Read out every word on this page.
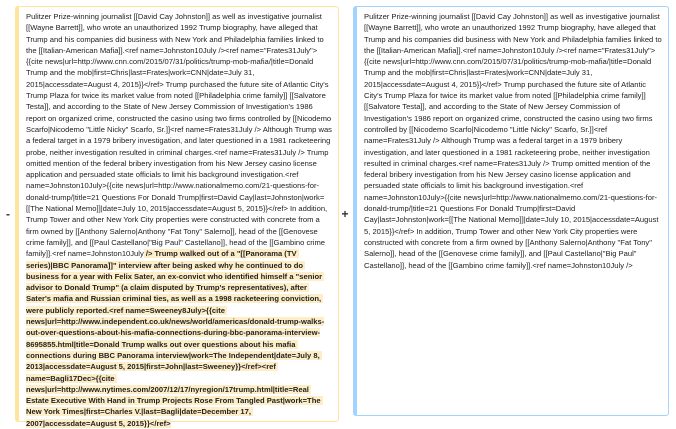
-
Pulitzer Prize-winning journalist [[David Cay Johnston]] as well as investigative journalist [[Wayne Barrett]], who wrote an unauthorized 1992 Trump biography, have alleged that Trump and his companies did business with New York and Philadelphia families linked to the [[Italian-American Mafia]].<ref name=Johnston10July /><ref name="Frates31July">{{cite news|url=http://www.cnn.com/2015/07/31/politics/trump-mob-mafia/|title=Donald Trump and the mob|first=Chris|last=Frates|work=CNN|date=July 31, 2015|accessdate=August 4, 2015}}</ref> Trump purchased the future site of Atlantic City's Trump Plaza for twice its market value from noted [[Philadelphia crime family]] [[Salvatore Testa]], and according to the State of New Jersey Commission of Investigation's 1986 report on organized crime, constructed the casino using two firms controlled by [[Nicodemo Scarfo|Nicodemo "Little Nicky" Scarfo, Sr.]]<ref name=Frates31July /> Although Trump was a federal target in a 1979 bribery investigation, and later questioned in a 1981 racketeering probe, neither investigation resulted in criminal charges.<ref name=Frates31July /> Trump omitted mention of the federal bribery investigation from his New Jersey casino license application and persuaded state officials to limit his background investigation.<ref name=Johnston10July>{{cite news|url=http://www.nationalmemo.com/21-questions-for-donald-trump/|title=21 Questions For Donald Trump|first=David Cay|last=Johnston|work=[[The National Memo]]|date=July 10, 2015|accessdate=August 5, 2015}}</ref> In addition, Trump Tower and other New York City properties were constructed with concrete from a firm owned by [[Anthony Salerno|Anthony "Fat Tony" Salerno]], head of the [[Genovese crime family]], and [[Paul Castellano|"Big Paul" Castellano]], head of the [[Gambino crime family]].<ref name=Johnston10July /> Trump walked out of a "[[Panorama (TV series)|BBC Panorama]]" interview after being asked why he continued to do business for a year with Felix Sater, an ex-convict who identified himself a "senior advisor to Donald Trump" (a claim disputed by Trump's representatives), after Sater's mafia and Russian criminal ties, as well as a 1998 racketeering conviction, were publicly reported.<ref name=Sweeney8July>{{cite news|url=http://www.independent.co.uk/news/world/americas/donald-trump-walks-out-over-questions-about-his-mafia-connections-during-bbc-panorama-interview-8695855.html|title=Donald Trump walks out over questions about his mafia connections during BBC Panorama interview|work=The Independent|date=July 8, 2013|accessdate=August 5, 2015|first=John|last=Sweeney}}</ref><ref name=Bagli17Dec>{{cite news|url=http://www.nytimes.com/2007/12/17/nyregion/17trump.html|title=Real Estate Executive With Hand in Trump Projects Rose From Tangled Past|work=The New York Times|first=Charles V.|last=Bagli|date=December 17, 2007|accessdate=August 5, 2015}}</ref>
+
Pulitzer Prize-winning journalist [[David Cay Johnston]] as well as investigative journalist [[Wayne Barrett]], who wrote an unauthorized 1992 Trump biography, have alleged that Trump and his companies did business with New York and Philadelphia families linked to the [[Italian-American Mafia]].<ref name=Johnston10July /><ref name="Frates31July">{{cite news|url=http://www.cnn.com/2015/07/31/politics/trump-mob-mafia/|title=Donald Trump and the mob|first=Chris|last=Frates|work=CNN|date=July 31, 2015|accessdate=August 4, 2015}}</ref> Trump purchased the future site of Atlantic City's Trump Plaza for twice its market value from noted [[Philadelphia crime family]] [[Salvatore Testa]], and according to the State of New Jersey Commission of Investigation's 1986 report on organized crime, constructed the casino using two firms controlled by [[Nicodemo Scarfo|Nicodemo "Little Nicky" Scarfo, Sr.]]<ref name=Frates31July /> Although Trump was a federal target in a 1979 bribery investigation, and later questioned in a 1981 racketeering probe, neither investigation resulted in criminal charges.<ref name=Frates31July /> Trump omitted mention of the federal bribery investigation from his New Jersey casino license application and persuaded state officials to limit his background investigation.<ref name=Johnston10July>{{cite news|url=http://www.nationalmemo.com/21-questions-for-donald-trump/|title=21 Questions For Donald Trump|first=David Cay|last=Johnston|work=[[The National Memo]]|date=July 10, 2015|accessdate=August 5, 2015}}</ref> In addition, Trump Tower and other New York City properties were constructed with concrete from a firm owned by [[Anthony Salerno|Anthony "Fat Tony" Salerno]], head of the [[Genovese crime family]], and [[Paul Castellano|"Big Paul" Castellano]], head of the [[Gambino crime family]].<ref name=Johnston10July />
